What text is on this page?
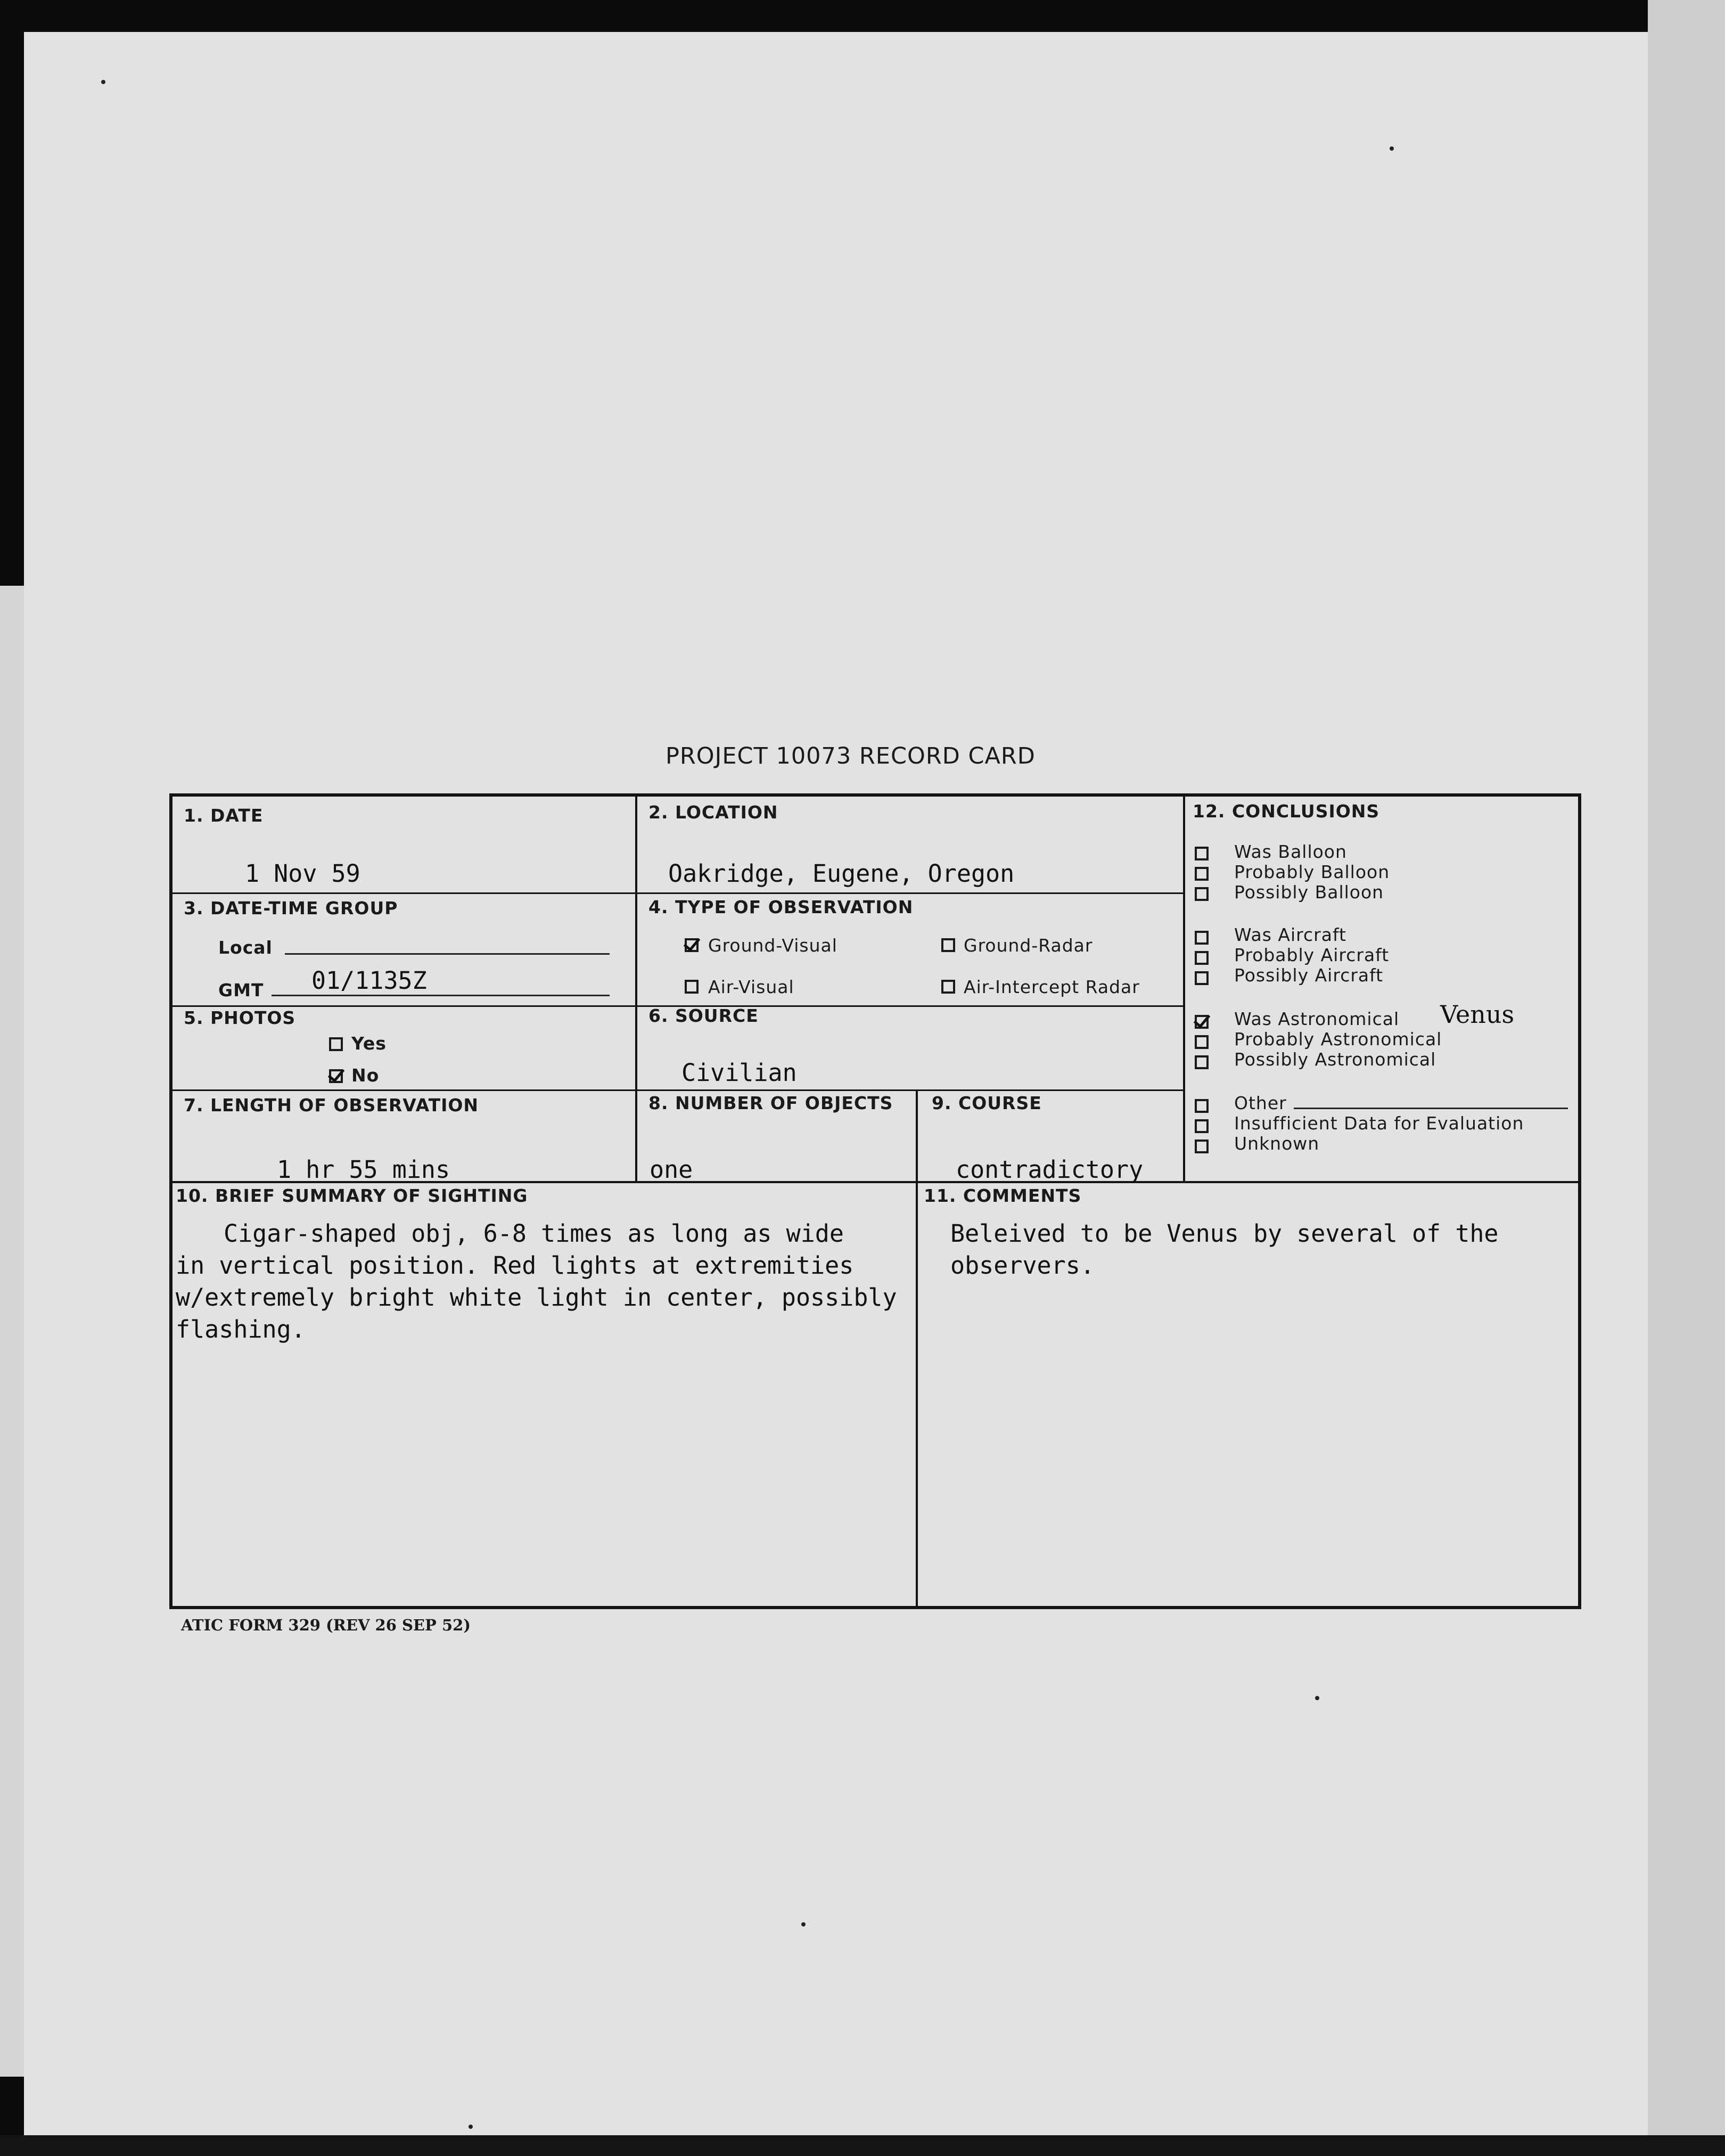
PROJECT 10073 RECORD CARD
1. DATE
1 Nov 59
2. LOCATION
Oakridge, Eugene, Oregon
3. DATE-TIME GROUP
Local
GMT 01/1135Z
4. TYPE OF OBSERVATION
Ground-Visual	Ground-Radar
Air-Visual	Air-Intercept Radar
5. PHOTOS
Yes
No
6. SOURCE
Civilian
7. LENGTH OF OBSERVATION
1 hr 55 mins
8. NUMBER OF OBJECTS
one
9. COURSE
contradictory
12. CONCLUSIONS
Was Balloon
Probably Balloon
Possibly Balloon
Was Aircraft
Probably Aircraft
Possibly Aircraft
Was Astronomical Venus
Probably Astronomical
Possibly Astronomical
Other
Insufficient Data for Evaluation
Unknown
10. BRIEF SUMMARY OF SIGHTING
Cigar-shaped obj, 6-8 times as long as wide
in vertical position. Red lights at extremities
w/extremely bright white light in center, possibly
flashing.
11. COMMENTS
Beleived to be Venus by several of the
observers.
ATIC FORM 329 (REV 26 SEP 52)
